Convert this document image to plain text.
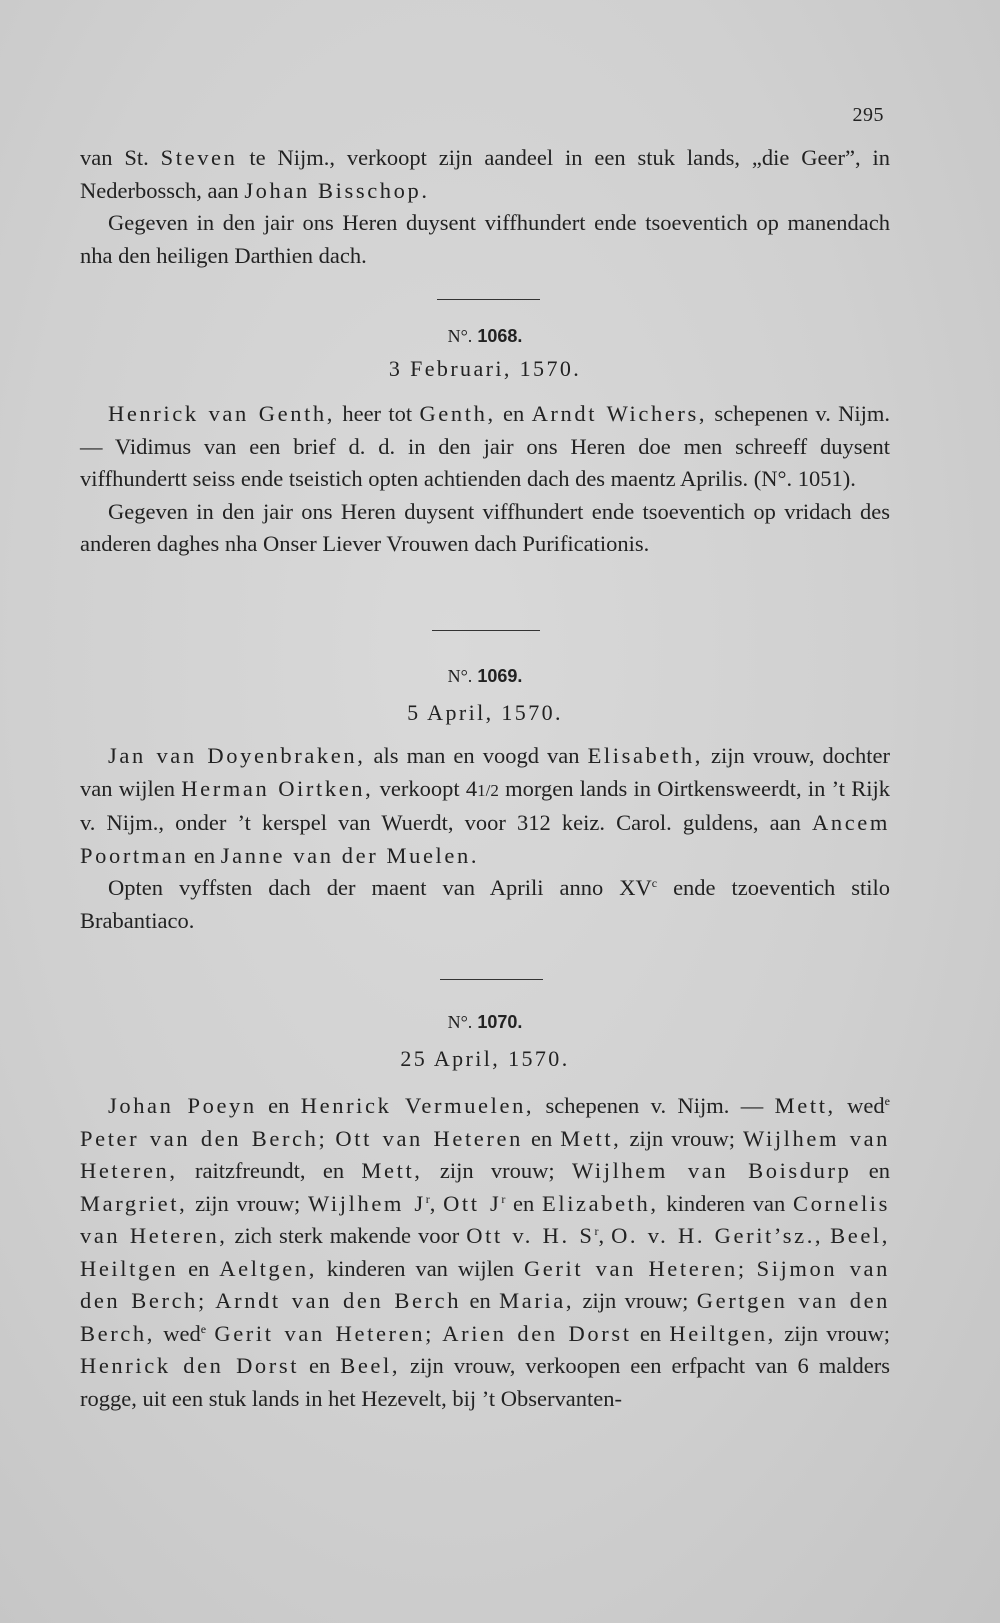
295

van St. Steven te Nijm., verkoopt zijn aandeel in een stuk lands, „die Geer”, in Nederbossch, aan Johan Bisschop.

Gegeven in den jair ons Heren duysent viffhundert ende tsoeventich op manendach nha den heiligen Darthien dach.

N°. 1068.
3 Februari, 1570.

Henrick van Genth, heer tot Genth, en Arndt Wichers, schepenen v. Nijm. — Vidimus van een brief d. d. in den jair ons Heren doe men schreeff duysent viffhundertt seiss ende tseistich opten achtienden dach des maentz Aprilis. (N°. 1051).

Gegeven in den jair ons Heren duysent viffhundert ende tsoeventich op vridach des anderen daghes nha Onser Liever Vrouwen dach Purificationis.

N°. 1069.
5 April, 1570.

Jan van Doyenbraken, als man en voogd van Elisabeth, zijn vrouw, dochter van wijlen Herman Oirtken, verkoopt 41/2 morgen lands in Oirtkensweerdt, in ’t Rijk v. Nijm., onder ’t kerspel van Wuerdt, voor 312 keiz. Carol. guldens, aan Ancem Poortman en Janne van der Muelen.

Opten vyffsten dach der maent van Aprili anno $XV^c$ ende tzoeventich stilo Brabantiaco.

N°. 1070.
25 April, 1570.

Johan Poeyn en Henrick Vermuelen, schepenen v. Nijm. — Mett, wed$^e$ Peter van den Berch; Ott van Heteren en Mett, zijn vrouw; Wijlhem van Heteren, raitzfreundt, en Mett, zijn vrouw; Wijlhem van Boisdurp en Margriet, zijn vrouw; Wijlhem $J^r$, Ott $J^r$ en Elizabeth, kinderen van Cornelis van Heteren, zich sterk makende voor Ott v. H. $S^r$, O. v. H. Gerit’sz., Beel, Heiltgen en Aeltgen, kinderen van wijlen Gerit van Heteren; Sijmon van den Berch; Arndt van den Berch en Maria, zijn vrouw; Gertgen van den Berch, wed$^e$ Gerit van Heteren; Arien den Dorst en Heiltgen, zijn vrouw; Henrick den Dorst en Beel, zijn vrouw, verkoopen een erfpacht van 6 malders rogge, uit een stuk lands in het Hezevelt, bij ’t Observanten-
